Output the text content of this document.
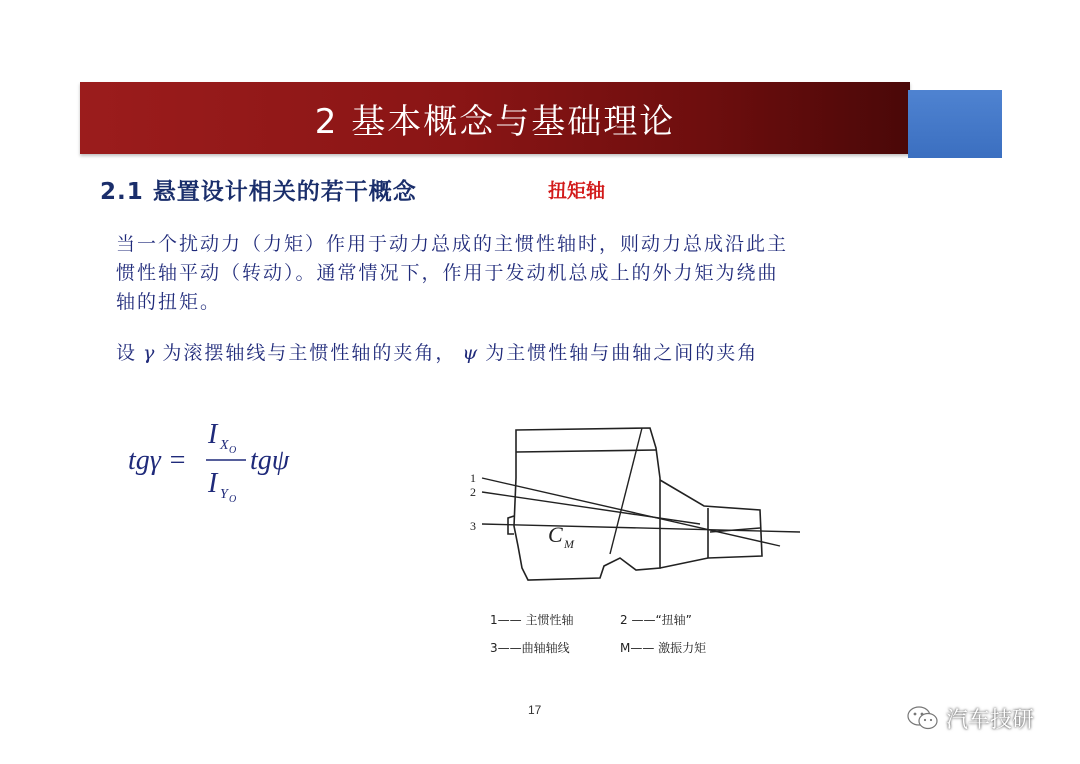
2 基本概念与基础理论
2.1 悬置设计相关的若干概念	扭矩轴
当一个扰动力（力矩）作用于动力总成的主惯性轴时，则动力总成沿此主
惯性轴平动（转动）。通常情况下，作用于发动机总成上的外力矩为绕曲
轴的扭矩。
设 γ 为滚摆轴线与主惯性轴的夹角， ψ 为主惯性轴与曲轴之间的夹角
tgγ =
I X O
I Y O
tgψ
1
2
3	C M
1—— 主惯性轴	2 ——“扭轴”
3——曲轴轴线	M—— 激振力矩
17	汽车技研
